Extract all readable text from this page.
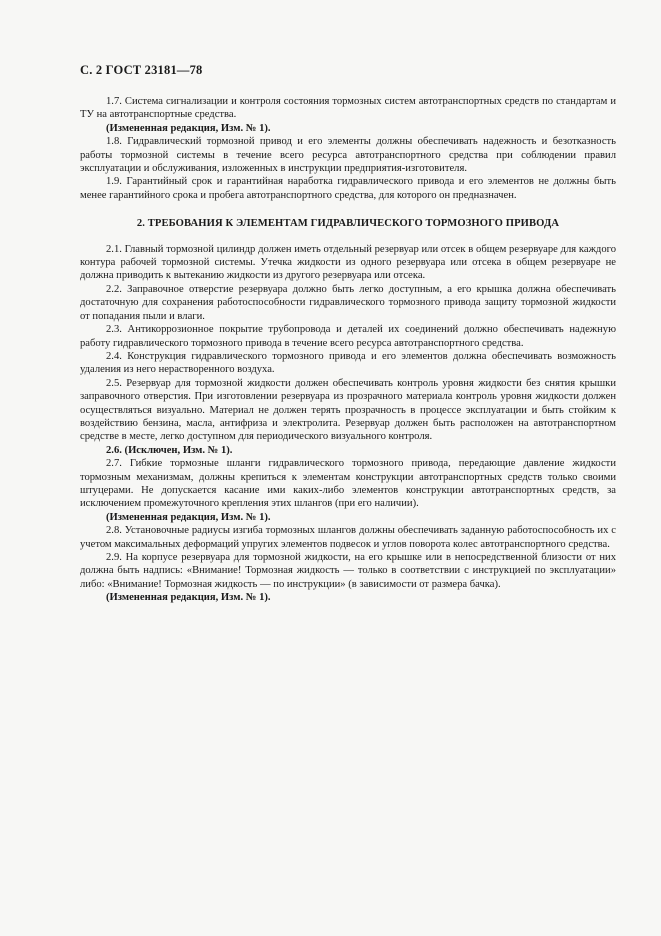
С. 2 ГОСТ 23181—78

1.7. Система сигнализации и контроля состояния тормозных систем автотранспортных средств по стандартам и ТУ на автотранспортные средства.

(Измененная редакция, Изм. № 1).

1.8. Гидравлический тормозной привод и его элементы должны обеспечивать надежность и безотказность работы тормозной системы в течение всего ресурса автотранспортного средства при соблюдении правил эксплуатации и обслуживания, изложенных в инструкции предприятия-изготовителя.

1.9. Гарантийный срок и гарантийная наработка гидравлического привода и его элементов не должны быть менее гарантийного срока и пробега автотранспортного средства, для которого он предназначен.

2. ТРЕБОВАНИЯ К ЭЛЕМЕНТАМ ГИДРАВЛИЧЕСКОГО ТОРМОЗНОГО ПРИВОДА

2.1. Главный тормозной цилиндр должен иметь отдельный резервуар или отсек в общем резервуаре для каждого контура рабочей тормозной системы. Утечка жидкости из одного резервуара или отсека в общем резервуаре не должна приводить к вытеканию жидкости из другого резервуара или отсека.

2.2. Заправочное отверстие резервуара должно быть легко доступным, а его крышка должна обеспечивать достаточную для сохранения работоспособности гидравлического тормозного привода защиту тормозной жидкости от попадания пыли и влаги.

2.3. Антикоррозионное покрытие трубопровода и деталей их соединений должно обеспечивать надежную работу гидравлического тормозного привода в течение всего ресурса автотранспортного средства.

2.4. Конструкция гидравлического тормозного привода и его элементов должна обеспечивать возможность удаления из него нерастворенного воздуха.

2.5. Резервуар для тормозной жидкости должен обеспечивать контроль уровня жидкости без снятия крышки заправочного отверстия. При изготовлении резервуара из прозрачного материала контроль уровня жидкости должен осуществляться визуально. Материал не должен терять прозрачность в процессе эксплуатации и быть стойким к воздействию бензина, масла, антифриза и электролита. Резервуар должен быть расположен на автотранспортном средстве в месте, легко доступном для периодического визуального контроля.

2.6. (Исключен, Изм. № 1).

2.7. Гибкие тормозные шланги гидравлического тормозного привода, передающие давление жидкости тормозным механизмам, должны крепиться к элементам конструкции автотранспортных средств только своими штуцерами. Не допускается касание ими каких-либо элементов конструкции автотранспортных средств, за исключением промежуточного крепления этих шлангов (при его наличии).

(Измененная редакция, Изм. № 1).

2.8. Установочные радиусы изгиба тормозных шлангов должны обеспечивать заданную работоспособность их с учетом максимальных деформаций упругих элементов подвесок и углов поворота колес автотранспортного средства.

2.9. На корпусе резервуара для тормозной жидкости, на его крышке или в непосредственной близости от них должна быть надпись: «Внимание! Тормозная жидкость — только в соответствии с инструкцией по эксплуатации» либо: «Внимание! Тормозная жидкость — по инструкции» (в зависимости от размера бачка).

(Измененная редакция, Изм. № 1).
